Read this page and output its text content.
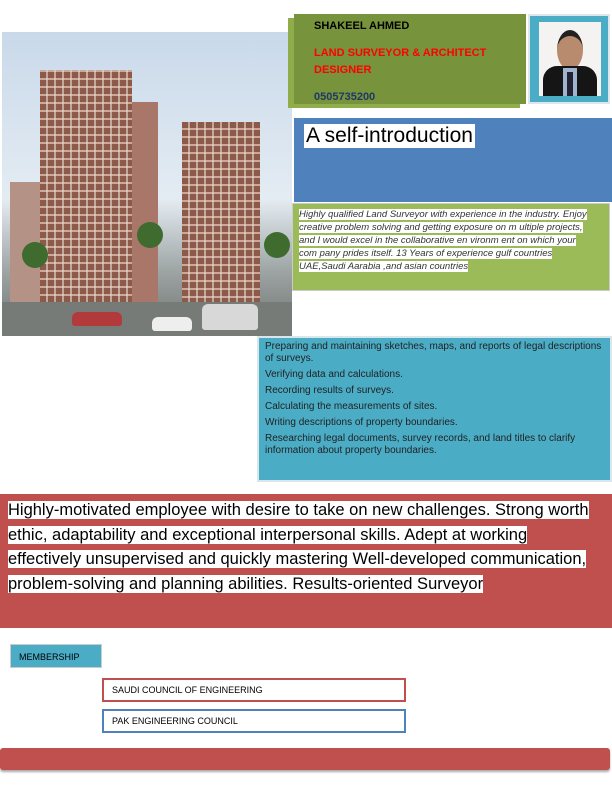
SHAKEEL AHMED
LAND SURVEYOR & ARCHITECT
DESIGNER
0505735200
A self-introduction
Highly qualified Land Surveyor with experience in the industry. Enjoy creative problem solving and getting exposure on m ultiple projects, and I would excel in the collaborative en vironm ent on which your com pany prides itself. 13 Years of experience gulf countries UAE,Saudi Aarabia ,and asian countries
Preparing and maintaining sketches, maps, and reports of legal descriptions of surveys.
Verifying data and calculations.
Recording results of surveys.
Calculating the measurements of sites.
Writing descriptions of property boundaries.
Researching legal documents, survey records, and land titles to clarify information about property boundaries.
Highly-motivated employee with desire to take on new challenges. Strong worth ethic, adaptability and exceptional interpersonal skills. Adept at working effectively unsupervised and quickly mastering Well-developed communication, problem-solving and planning abilities. Results-oriented Surveyor
MEMBERSHIP
SAUDI COUNCIL OF ENGINEERING
PAK ENGINEERING COUNCIL
